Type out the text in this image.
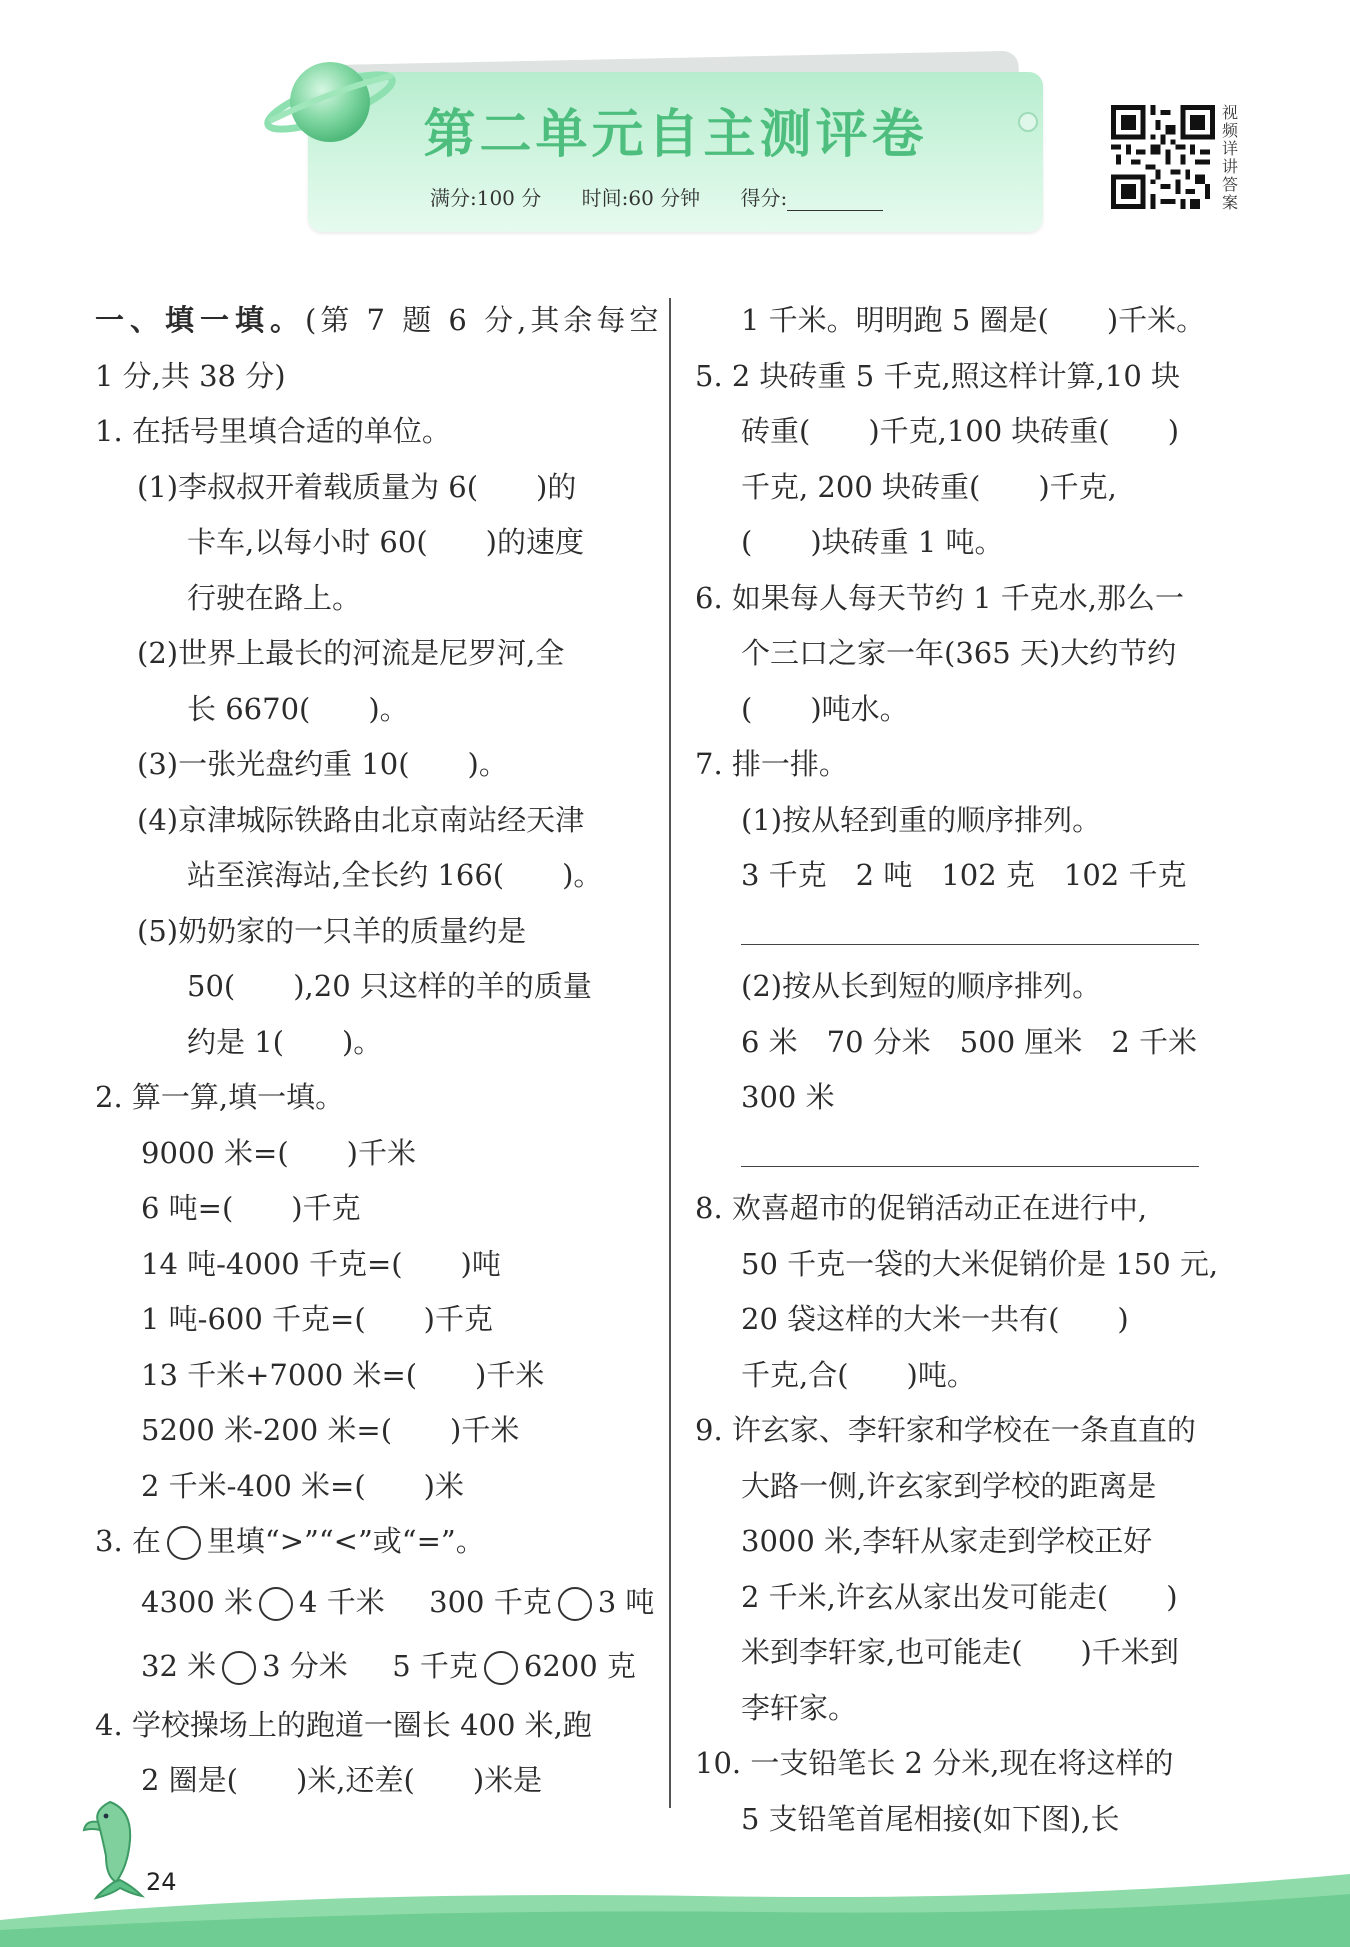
第二单元自主测评卷
满分:100 分 时间:60 分钟 得分:
视频详讲答案
一、填一填。(第 7 题 6 分,其余每空
1 分,共 38 分)
1. 在括号里填合适的单位。
(1)李叔叔开着载质量为 6(　　)的
卡车,以每小时 60(　　)的速度
行驶在路上。
(2)世界上最长的河流是尼罗河,全
长 6670(　　)。
(3)一张光盘约重 10(　　)。
(4)京津城际铁路由北京南站经天津
站至滨海站,全长约 166(　　)。
(5)奶奶家的一只羊的质量约是
50(　　),20 只这样的羊的质量
约是 1(　　)。
2. 算一算,填一填。
9000 米=(　　)千米
6 吨=(　　)千克
14 吨-4000 千克=(　　)吨
1 吨-600 千克=(　　)千克
13 千米+7000 米=(　　)千米
5200 米-200 米=(　　)千米
2 千米-400 米=(　　)米
3. 在 里填“>”“<”或“=”。
4300 米 4 千米 300 千克 3 吨
32 米 3 分米 5 千克 6200 克
4. 学校操场上的跑道一圈长 400 米,跑
2 圈是(　　)米,还差(　　)米是
1 千米。明明跑 5 圈是(　　)千米。
5. 2 块砖重 5 千克,照这样计算,10 块
砖重(　　)千克,100 块砖重(　　)
千克, 200 块砖重(　　)千克,
(　　)块砖重 1 吨。
6. 如果每人每天节约 1 千克水,那么一
个三口之家一年(365 天)大约节约
(　　)吨水。
7. 排一排。
(1)按从轻到重的顺序排列。
3 千克　2 吨　102 克　102 千克
(2)按从长到短的顺序排列。
6 米　70 分米　500 厘米　2 千米
300 米
8. 欢喜超市的促销活动正在进行中,
50 千克一袋的大米促销价是 150 元,
20 袋这样的大米一共有(　　)
千克,合(　　)吨。
9. 许玄家、李轩家和学校在一条直直的
大路一侧,许玄家到学校的距离是
3000 米,李轩从家走到学校正好
2 千米,许玄从家出发可能走(　　)
米到李轩家,也可能走(　　)千米到
李轩家。
10. 一支铅笔长 2 分米,现在将这样的
5 支铅笔首尾相接(如下图),长
24
